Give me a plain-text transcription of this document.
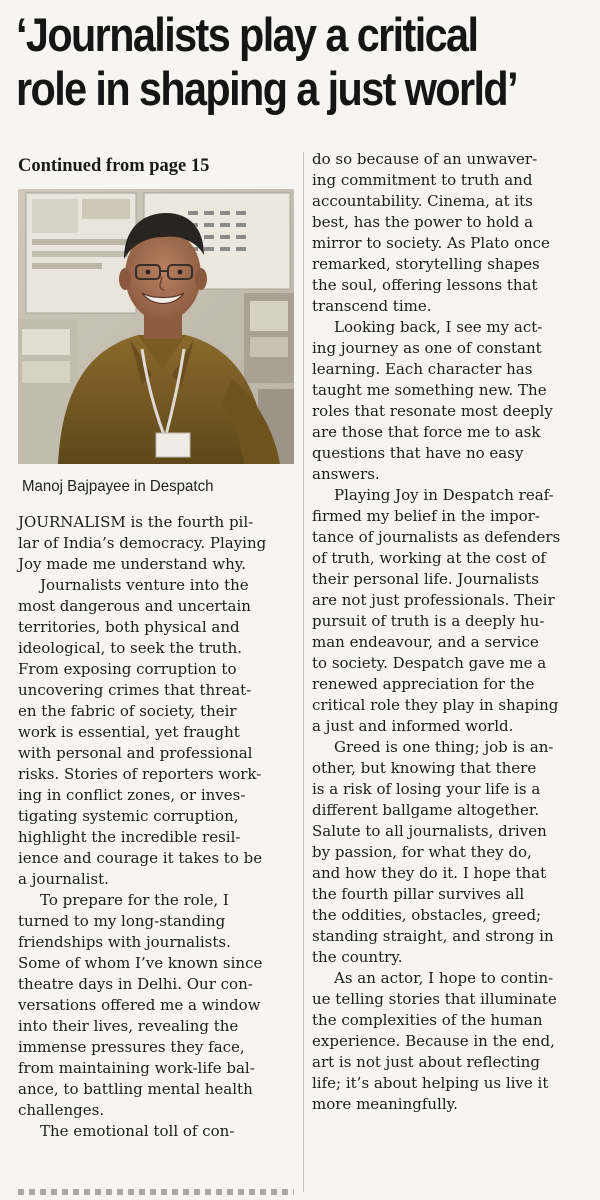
‘Journalists play a critical
role in shaping a just world’
Continued from page 15
Manoj Bajpayee in Despatch
JOURNALISM is the fourth pil-
lar of India’s democracy. Playing
Joy made me understand why.
Journalists venture into the
most dangerous and uncertain
territories, both physical and
ideological, to seek the truth.
From exposing corruption to
uncovering crimes that threat-
en the fabric of society, their
work is essential, yet fraught
with personal and professional
risks. Stories of reporters work-
ing in conflict zones, or inves-
tigating systemic corruption,
highlight the incredible resil-
ience and courage it takes to be
a journalist.
To prepare for the role, I
turned to my long-standing
friendships with journalists.
Some of whom I’ve known since
theatre days in Delhi. Our con-
versations offered me a window
into their lives, revealing the
immense pressures they face,
from maintaining work-life bal-
ance, to battling mental health
challenges.
The emotional toll of con-
do so because of an unwaver-
ing commitment to truth and
accountability. Cinema, at its
best, has the power to hold a
mirror to society. As Plato once
remarked, storytelling shapes
the soul, offering lessons that
transcend time.
Looking back, I see my act-
ing journey as one of constant
learning. Each character has
taught me something new. The
roles that resonate most deeply
are those that force me to ask
questions that have no easy
answers.
Playing Joy in Despatch reaf-
firmed my belief in the impor-
tance of journalists as defenders
of truth, working at the cost of
their personal life. Journalists
are not just professionals. Their
pursuit of truth is a deeply hu-
man endeavour, and a service
to society. Despatch gave me a
renewed appreciation for the
critical role they play in shaping
a just and informed world.
Greed is one thing; job is an-
other, but knowing that there
is a risk of losing your life is a
different ballgame altogether.
Salute to all journalists, driven
by passion, for what they do,
and how they do it. I hope that
the fourth pillar survives all
the oddities, obstacles, greed;
standing straight, and strong in
the country.
As an actor, I hope to contin-
ue telling stories that illuminate
the complexities of the human
experience. Because in the end,
art is not just about reflecting
life; it’s about helping us live it
more meaningfully.
